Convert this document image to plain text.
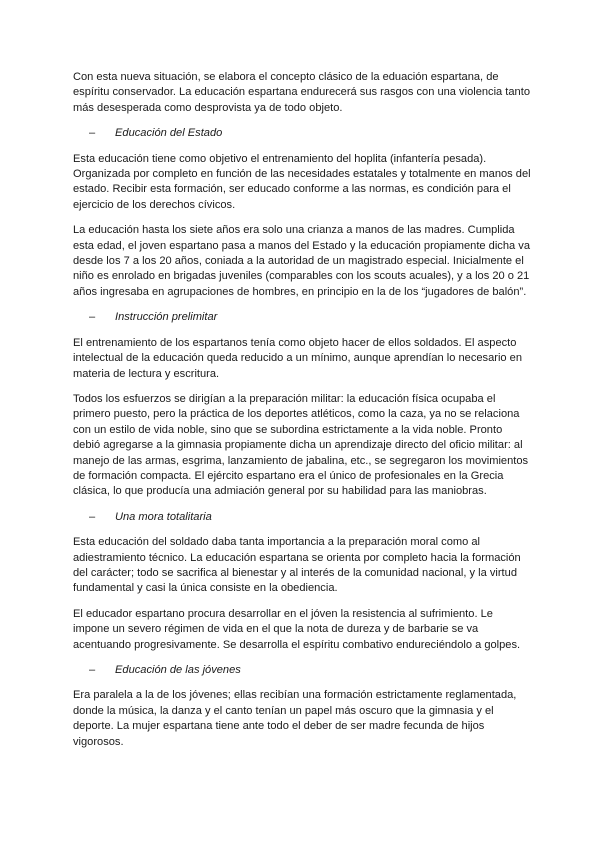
Con esta nueva situación, se elabora el concepto clásico de la eduación espartana, de espíritu conservador. La educación espartana endurecerá sus rasgos con una violencia tanto más desesperada como desprovista ya de todo objeto.

– Educación del Estado

Esta educación tiene como objetivo el entrenamiento del hoplita (infantería pesada). Organizada por completo en función de las necesidades estatales y totalmente en manos del estado. Recibir esta formación, ser educado conforme a las normas, es condición para el ejercicio de los derechos cívicos.

La educación hasta los siete años era solo una crianza a manos de las madres. Cumplida esta edad, el joven espartano pasa a manos del Estado y la educación propiamente dicha va desde los 7 a los 20 años, coniada a la autoridad de un magistrado especial. Inicialmente el niño es enrolado en brigadas juveniles (comparables con los scouts acuales), y a los 20 o 21 años ingresaba en agrupaciones de hombres, en principio en la de los “jugadores de balón”.

– Instrucción prelimitar

El entrenamiento de los espartanos tenía como objeto hacer de ellos soldados. El aspecto intelectual de la educación queda reducido a un mínimo, aunque aprendían lo necesario en materia de lectura y escritura.

Todos los esfuerzos se dirigían a la preparación militar: la educación física ocupaba el primero puesto, pero la práctica de los deportes atléticos, como la caza, ya no se relaciona con un estilo de vida noble, sino que se subordina estrictamente a la vida noble. Pronto debió agregarse a la gimnasia propiamente dicha un aprendizaje directo del oficio militar: al manejo de las armas, esgrima, lanzamiento de jabalina, etc., se segregaron los movimientos de formación compacta. El ejército espartano era el único de profesionales en la Grecia clásica, lo que producía una admiación general por su habilidad para las maniobras.

– Una mora totalitaria

Esta educación del soldado daba tanta importancia a la preparación moral como al adiestramiento técnico. La educación espartana se orienta por completo hacia la formación del carácter; todo se sacrifica al bienestar y al interés de la comunidad nacional, y la virtud fundamental y casi la única consiste en la obediencia.

El educador espartano procura desarrollar en el jóven la resistencia al sufrimiento. Le impone un severo régimen de vida en el que la nota de dureza y de barbarie se va acentuando progresivamente. Se desarrolla el espíritu combativo endureciéndolo a golpes.

– Educación de las jóvenes

Era paralela a la de los jóvenes; ellas recibían una formación estrictamente reglamentada, donde la música, la danza y el canto tenían un papel más oscuro que la gimnasia y el deporte. La mujer espartana tiene ante todo el deber de ser madre fecunda de hijos vigorosos.
